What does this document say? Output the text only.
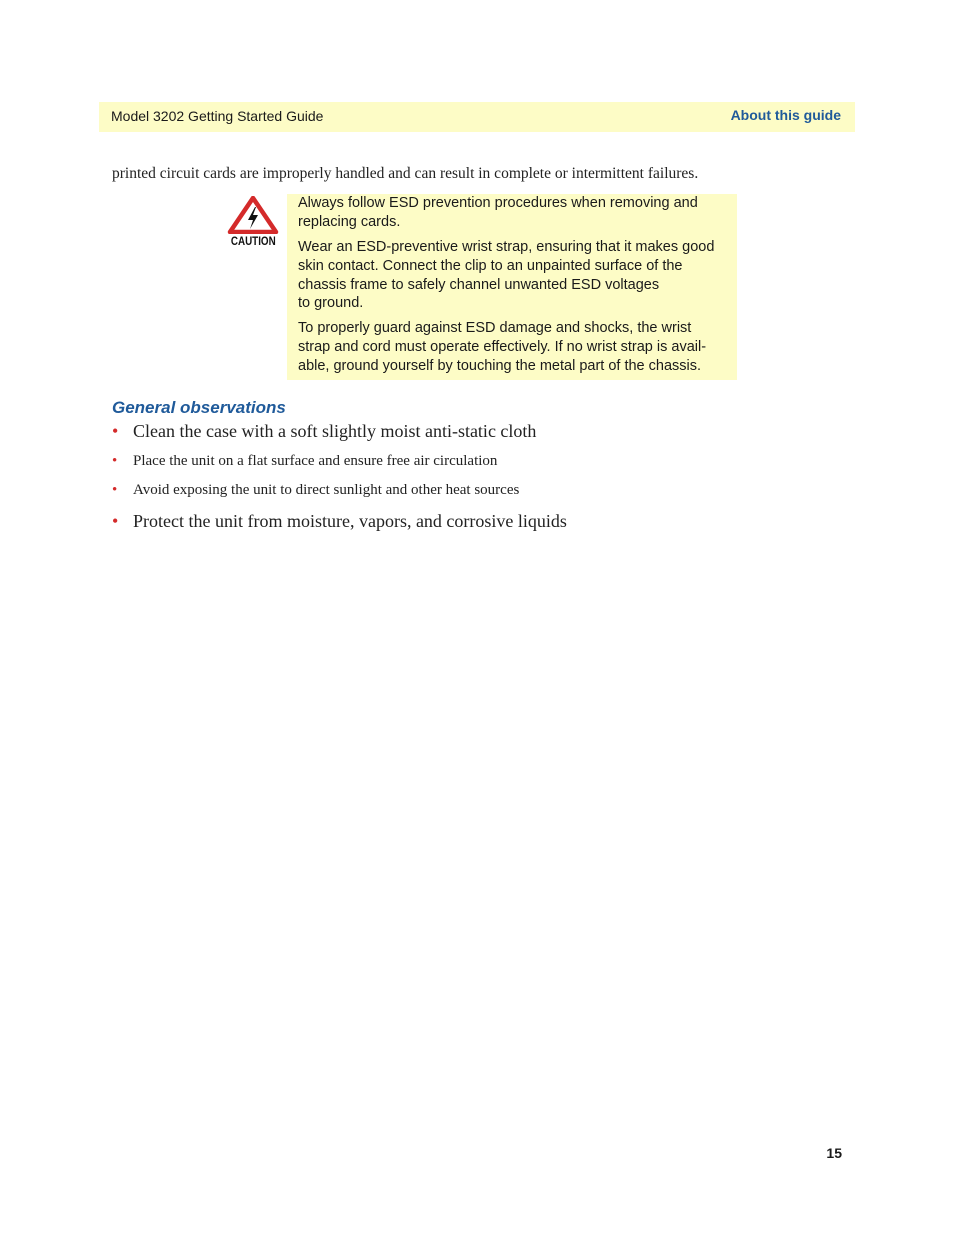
Model 3202 Getting Started Guide	About this guide
printed circuit cards are improperly handled and can result in complete or intermittent failures.
CAUTION
Always follow ESD prevention procedures when removing and
replacing cards.
Wear an ESD-preventive wrist strap, ensuring that it makes good
skin contact. Connect the clip to an unpainted surface of the
chassis frame to safely channel unwanted ESD voltages
to ground.
To properly guard against ESD damage and shocks, the wrist
strap and cord must operate effectively. If no wrist strap is avail-
able, ground yourself by touching the metal part of the chassis.
General observations
• Clean the case with a soft slightly moist anti-static cloth
• Place the unit on a flat surface and ensure free air circulation
• Avoid exposing the unit to direct sunlight and other heat sources
• Protect the unit from moisture, vapors, and corrosive liquids
15
